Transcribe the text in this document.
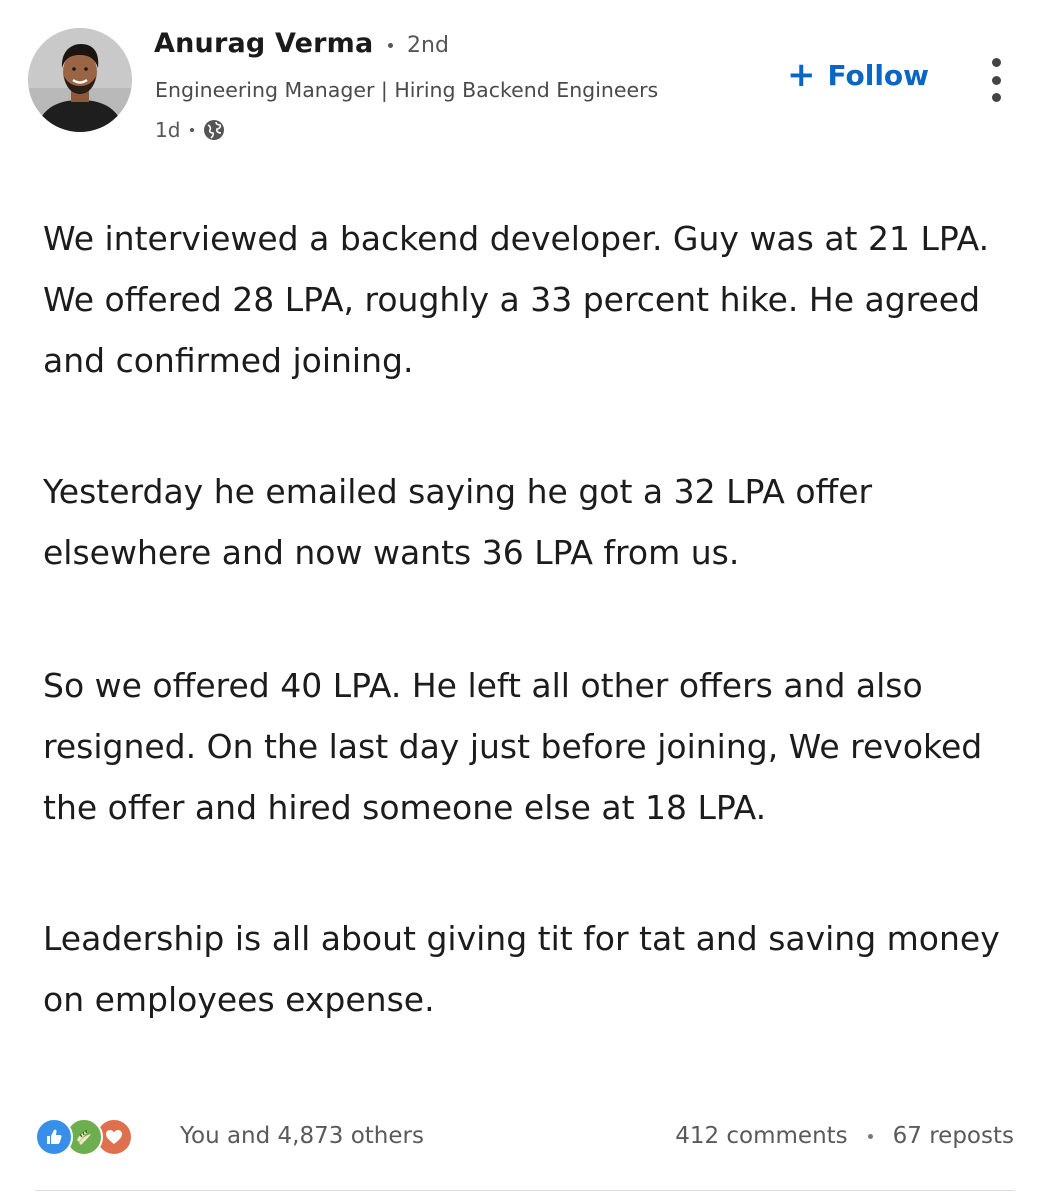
Anurag Verma 2nd
Engineering Manager | Hiring Backend Engineers
1d
+ Follow

We interviewed a backend developer. Guy was at 21 LPA. We offered 28 LPA, roughly a 33 percent hike. He agreed and confirmed joining.

Yesterday he emailed saying he got a 32 LPA offer elsewhere and now wants 36 LPA from us.

So we offered 40 LPA. He left all other offers and also resigned. On the last day just before joining, We revoked the offer and hired someone else at 18 LPA.

Leadership is all about giving tit for tat and saving money on employees expense.

You and 4,873 others	412 comments 67 reposts
